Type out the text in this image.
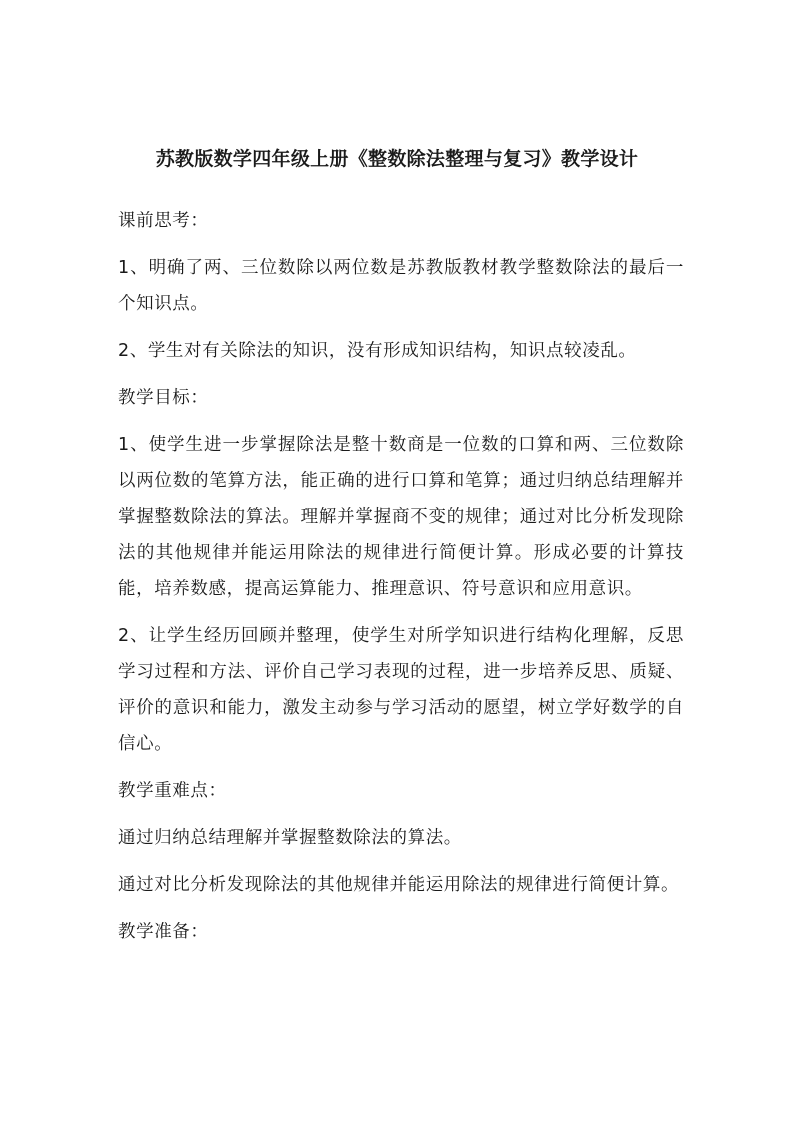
苏教版数学四年级上册《整数除法整理与复习》教学设计

课前思考：

1、明确了两、三位数除以两位数是苏教版教材教学整数除法的最后一个知识点。

2、学生对有关除法的知识，没有形成知识结构，知识点较凌乱。

教学目标：

1、使学生进一步掌握除法是整十数商是一位数的口算和两、三位数除以两位数的笔算方法，能正确的进行口算和笔算；通过归纳总结理解并掌握整数除法的算法。理解并掌握商不变的规律；通过对比分析发现除法的其他规律并能运用除法的规律进行简便计算。形成必要的计算技能，培养数感，提高运算能力、推理意识、符号意识和应用意识。

2、让学生经历回顾并整理，使学生对所学知识进行结构化理解，反思学习过程和方法、评价自己学习表现的过程，进一步培养反思、质疑、评价的意识和能力，激发主动参与学习活动的愿望，树立学好数学的自信心。

教学重难点：

通过归纳总结理解并掌握整数除法的算法。

通过对比分析发现除法的其他规律并能运用除法的规律进行简便计算。

教学准备：
